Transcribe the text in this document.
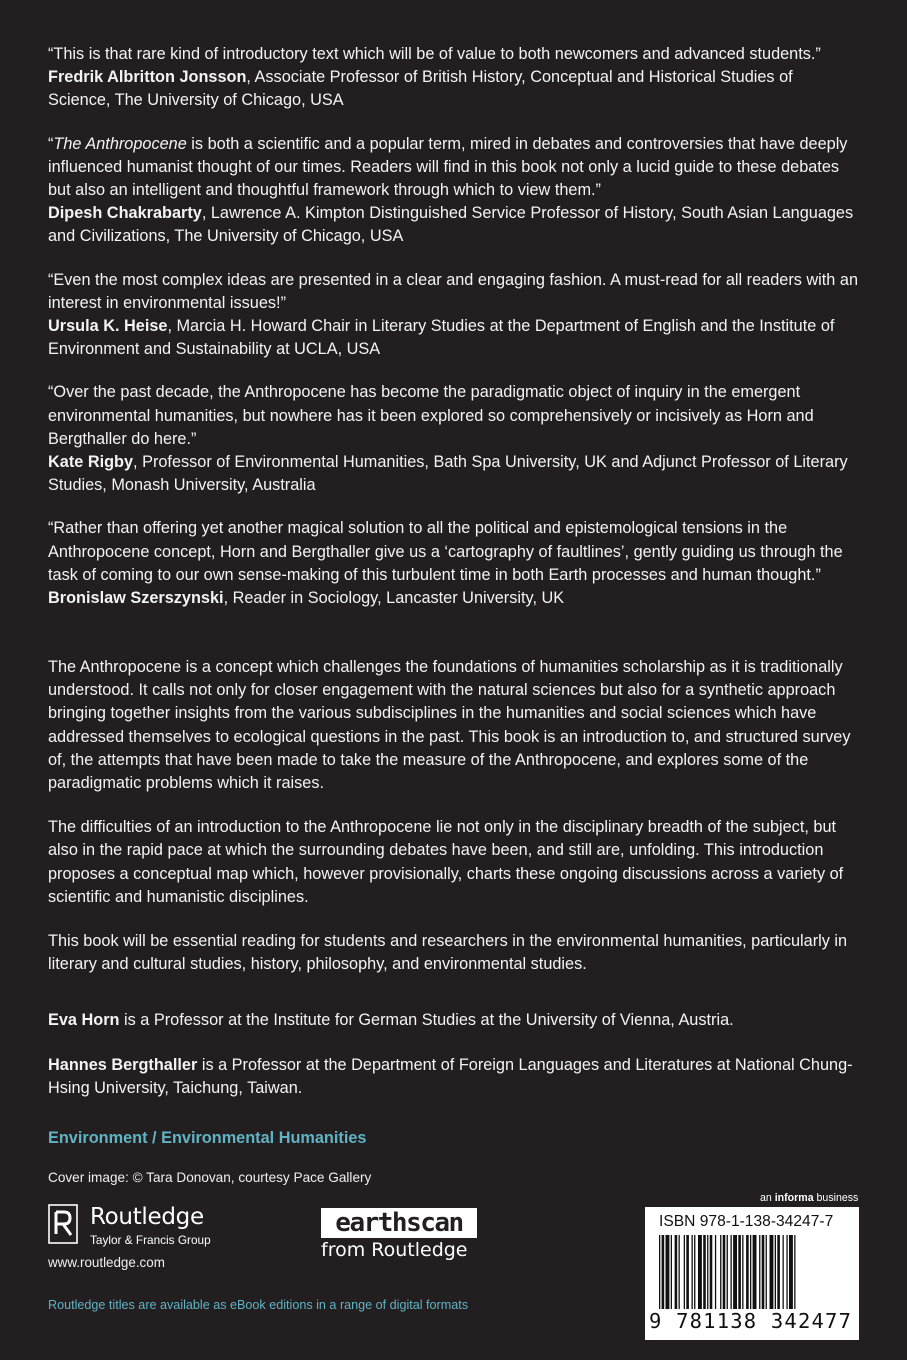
“This is that rare kind of introductory text which will be of value to both newcomers and advanced students.”

Fredrik Albritton Jonsson, Associate Professor of British History, Conceptual and Historical Studies of Science, The University of Chicago, USA

“The Anthropocene is both a scientific and a popular term, mired in debates and controversies that have deeply influenced humanist thought of our times. Readers will find in this book not only a lucid guide to these debates but also an intelligent and thoughtful framework through which to view them.”

Dipesh Chakrabarty, Lawrence A. Kimpton Distinguished Service Professor of History, South Asian Languages and Civilizations, The University of Chicago, USA

“Even the most complex ideas are presented in a clear and engaging fashion. A must-read for all readers with an interest in environmental issues!”

Ursula K. Heise, Marcia H. Howard Chair in Literary Studies at the Department of English and the Institute of Environment and Sustainability at UCLA, USA

“Over the past decade, the Anthropocene has become the paradigmatic object of inquiry in the emergent environmental humanities, but nowhere has it been explored so comprehensively or incisively as Horn and Bergthaller do here.”

Kate Rigby, Professor of Environmental Humanities, Bath Spa University, UK and Adjunct Professor of Literary Studies, Monash University, Australia

“Rather than offering yet another magical solution to all the political and epistemological tensions in the Anthropocene concept, Horn and Bergthaller give us a ‘cartography of faultlines’, gently guiding us through the task of coming to our own sense-making of this turbulent time in both Earth processes and human thought.”

Bronislaw Szerszynski, Reader in Sociology, Lancaster University, UK

The Anthropocene is a concept which challenges the foundations of humanities scholarship as it is traditionally understood. It calls not only for closer engagement with the natural sciences but also for a synthetic approach bringing together insights from the various subdisciplines in the humanities and social sciences which have addressed themselves to ecological questions in the past. This book is an introduction to, and structured survey of, the attempts that have been made to take the measure of the Anthropocene, and explores some of the paradigmatic problems which it raises.

The difficulties of an introduction to the Anthropocene lie not only in the disciplinary breadth of the subject, but also in the rapid pace at which the surrounding debates have been, and still are, unfolding. This introduction proposes a conceptual map which, however provisionally, charts these ongoing discussions across a variety of scientific and humanistic disciplines.

This book will be essential reading for students and researchers in the environmental humanities, particularly in literary and cultural studies, history, philosophy, and environmental studies.

Eva Horn is a Professor at the Institute for German Studies at the University of Vienna, Austria.

Hannes Bergthaller is a Professor at the Department of Foreign Languages and Literatures at National Chung-Hsing University, Taichung, Taiwan.

Environment / Environmental Humanities
Cover image: © Tara Donovan, courtesy Pace Gallery
Routledge
Taylor & Francis Group
www.routledge.com
earthscan
from Routledge
Routledge titles are available as eBook editions in a range of digital formats
an informa business
ISBN 978-1-138-34247-7
9 781138 342477
